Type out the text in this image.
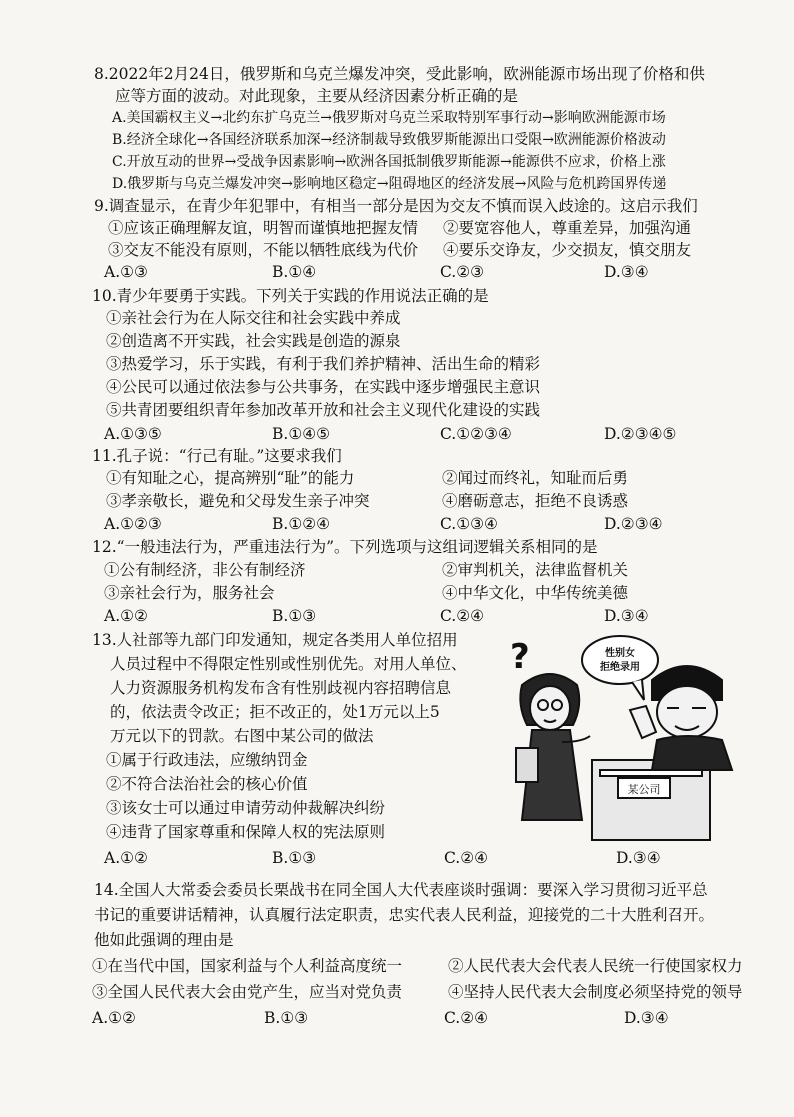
8.2022年2月24日，俄罗斯和乌克兰爆发冲突，受此影响，欧洲能源市场出现了价格和供
应等方面的波动。对此现象，主要从经济因素分析正确的是
A.美国霸权主义→北约东扩乌克兰→俄罗斯对乌克兰采取特别军事行动→影响欧洲能源市场
B.经济全球化→各国经济联系加深→经济制裁导致俄罗斯能源出口受限→欧洲能源价格波动
C.开放互动的世界→受战争因素影响→欧洲各国抵制俄罗斯能源→能源供不应求，价格上涨
D.俄罗斯与乌克兰爆发冲突→影响地区稳定→阻碍地区的经济发展→风险与危机跨国界传递
9.调查显示，在青少年犯罪中，有相当一部分是因为交友不慎而误入歧途的。这启示我们
①应该正确理解友谊，明智而谨慎地把握友情 ②要宽容他人，尊重差异，加强沟通
③交友不能没有原则，不能以牺牲底线为代价 ④要乐交诤友，少交损友，慎交朋友
A.①③	B.①④	C.②③	D.③④
10.青少年要勇于实践。下列关于实践的作用说法正确的是
①亲社会行为在人际交往和社会实践中养成
②创造离不开实践，社会实践是创造的源泉
③热爱学习，乐于实践，有利于我们养护精神、活出生命的精彩
④公民可以通过依法参与公共事务，在实践中逐步增强民主意识
⑤共青团要组织青年参加改革开放和社会主义现代化建设的实践
A.①③⑤	B.①④⑤	C.①②③④	D.②③④⑤
11.孔子说：“行己有耻。”这要求我们
①有知耻之心，提高辨别“耻”的能力	②闻过而终礼，知耻而后勇
③孝亲敬长，避免和父母发生亲子冲突	④磨砺意志，拒绝不良诱惑
A.①②③	B.①②④	C.①③④	D.②③④
12.“一般违法行为，严重违法行为”。下列选项与这组词逻辑关系相同的是
①公有制经济，非公有制经济	②审判机关，法律监督机关
③亲社会行为，服务社会	④中华文化，中华传统美德
A.①②	B.①③	C.②④	D.③④
13.人社部等九部门印发通知，规定各类用人单位招用
人员过程中不得限定性别或性别优先。对用人单位、
人力资源服务机构发布含有性别歧视内容招聘信息
的，依法责令改正；拒不改正的，处1万元以上5
万元以下的罚款。右图中某公司的做法
①属于行政违法，应缴纳罚金
②不符合法治社会的核心价值
③该女士可以通过申请劳动仲裁解决纠纷
④违背了国家尊重和保障人权的宪法原则
A.①②	B.①③	C.②④	D.③④
?
某公司
性别女
拒绝录用
14.全国人大常委会委员长栗战书在同全国人大代表座谈时强调：要深入学习贯彻习近平总
书记的重要讲话精神，认真履行法定职责，忠实代表人民利益，迎接党的二十大胜利召开。
他如此强调的理由是
①在当代中国，国家利益与个人利益高度统一	②人民代表大会代表人民统一行使国家权力
③全国人民代表大会由党产生，应当对党负责	④坚持人民代表大会制度必须坚持党的领导
A.①②	B.①③	C.②④	D.③④
